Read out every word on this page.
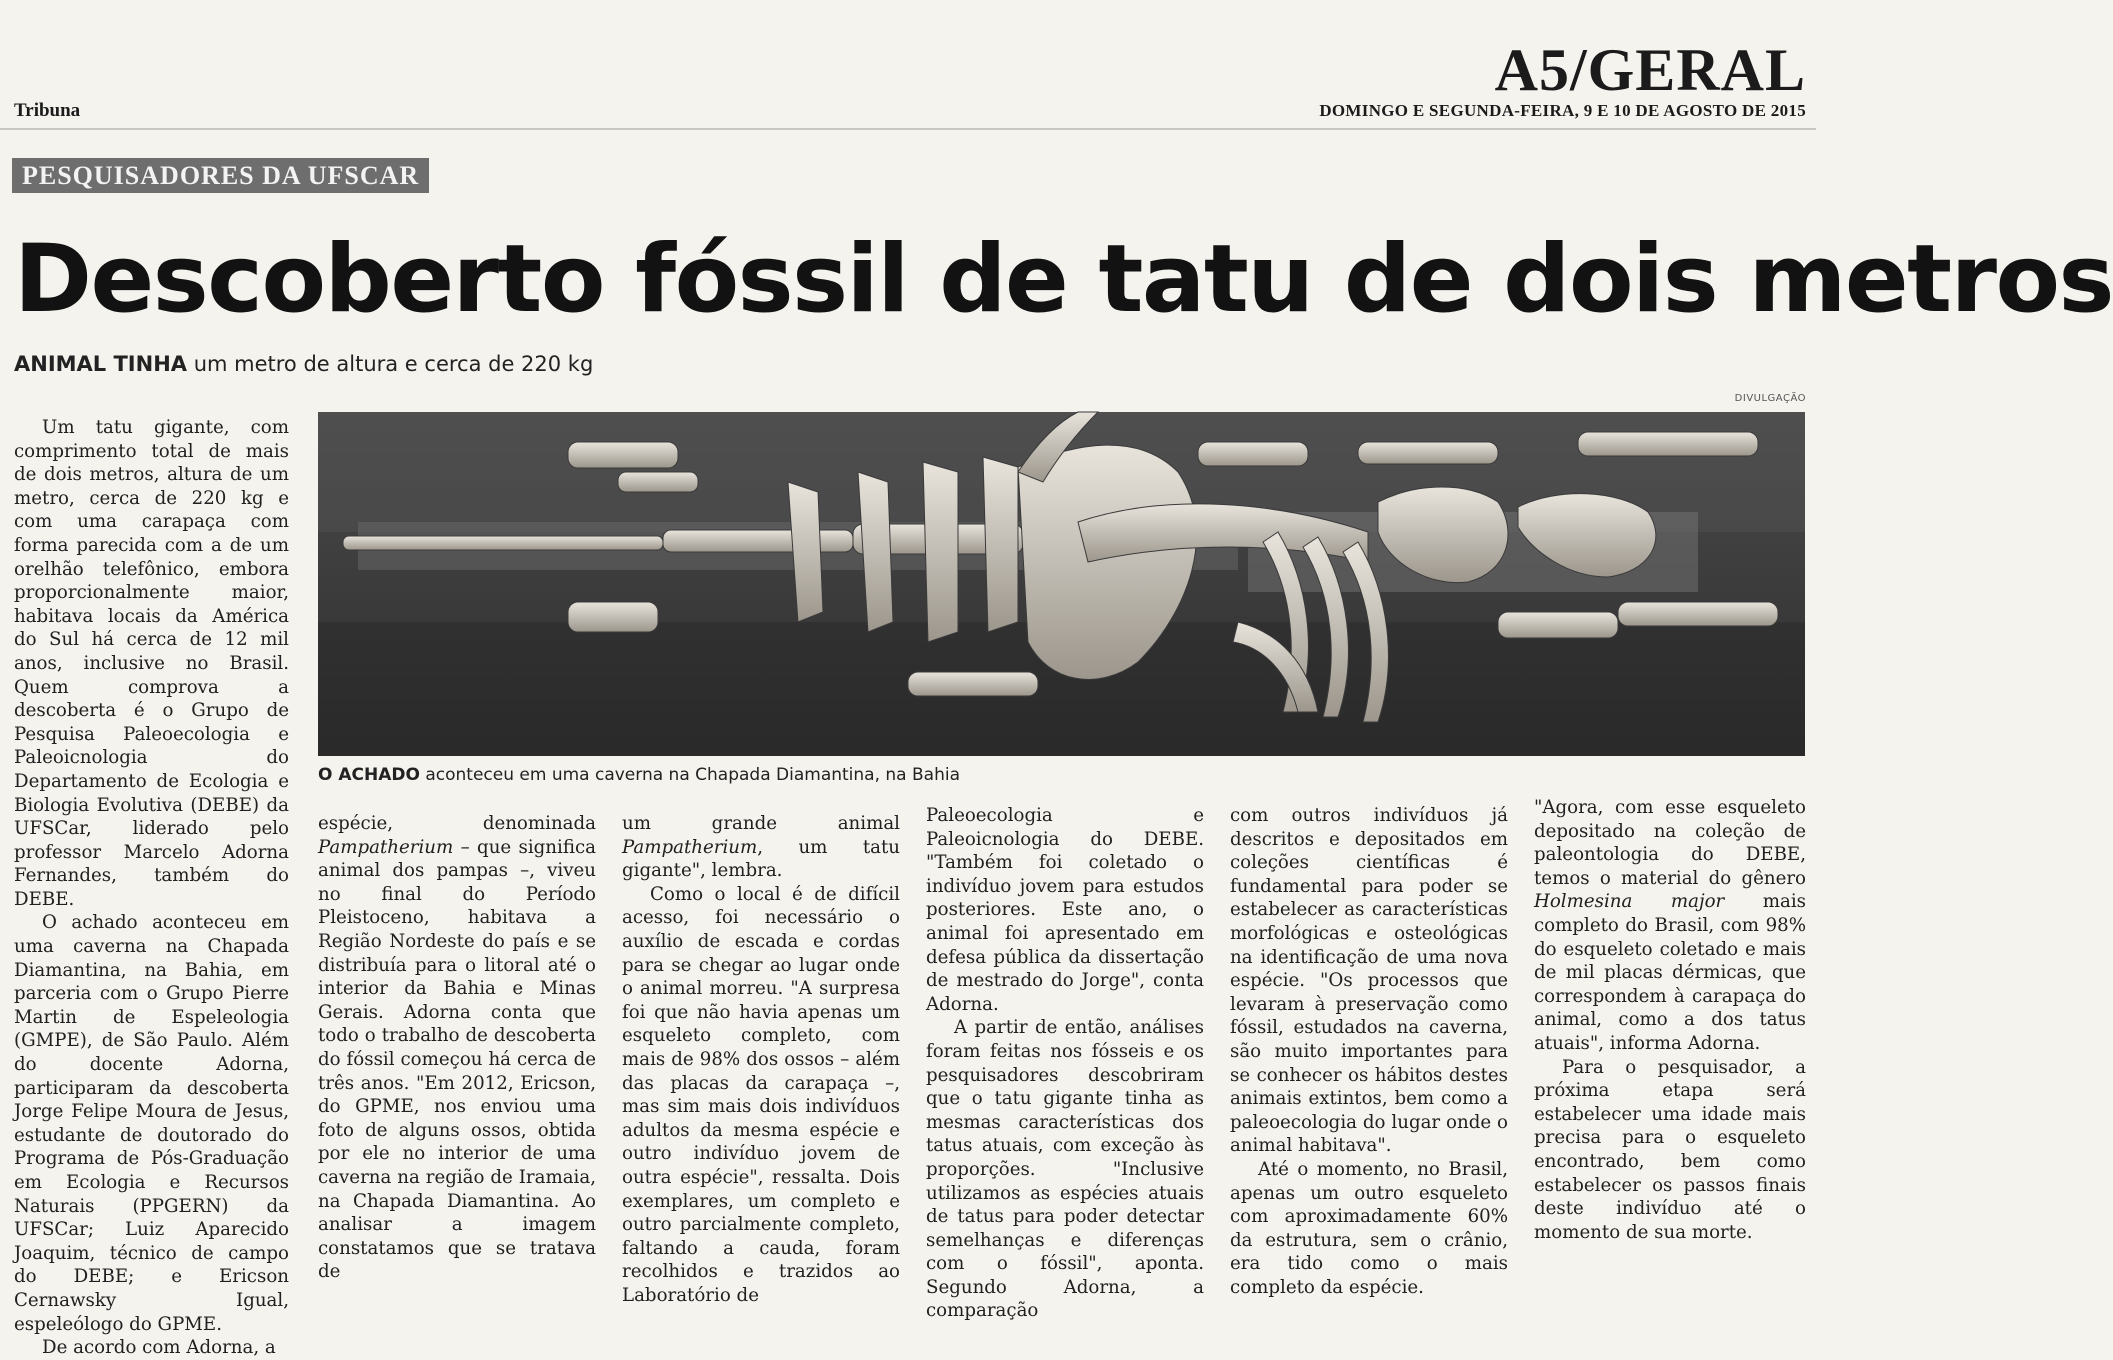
Tribuna
A5/GERAL
DOMINGO E SEGUNDA-FEIRA, 9 E 10 DE AGOSTO DE 2015
PESQUISADORES DA UFSCAR
Descoberto fóssil de tatu de dois metros
ANIMAL TINHA um metro de altura e cerca de 220 kg
DIVULGAÇÃO
O ACHADO aconteceu em uma caverna na Chapada Diamantina, na Bahia

Um tatu gigante, com comprimento total de mais de dois metros, altura de um metro, cerca de 220 kg e com uma carapaça com forma parecida com a de um orelhão telefônico, embora proporcionalmente maior, habitava locais da América do Sul há cerca de 12 mil anos, inclusive no Brasil. Quem comprova a descoberta é o Grupo de Pesquisa Paleoecologia e Paleoicnologia do Departamento de Ecologia e Biologia Evolutiva (DEBE) da UFSCar, liderado pelo professor Marcelo Adorna Fernandes, também do DEBE.

O achado aconteceu em uma caverna na Chapada Diamantina, na Bahia, em parceria com o Grupo Pierre Martin de Espeleologia (GMPE), de São Paulo. Além do docente Adorna, participaram da descoberta Jorge Felipe Moura de Jesus, estudante de doutorado do Programa de Pós-Graduação em Ecologia e Recursos Naturais (PPGERN) da UFSCar; Luiz Aparecido Joaquim, técnico de campo do DEBE; e Ericson Cernawsky Igual, espeleólogo do GPME.

De acordo com Adorna, a

espécie, denominada Pampatherium – que significa animal dos pampas –, viveu no final do Período Pleistoceno, habitava a Região Nordeste do país e se distribuía para o litoral até o interior da Bahia e Minas Gerais. Adorna conta que todo o trabalho de descoberta do fóssil começou há cerca de três anos. "Em 2012, Ericson, do GPME, nos enviou uma foto de alguns ossos, obtida por ele no interior de uma caverna na região de Iramaia, na Chapada Diamantina. Ao analisar a imagem constatamos que se tratava de

um grande animal Pampatherium, um tatu gigante", lembra.

Como o local é de difícil acesso, foi necessário o auxílio de escada e cordas para se chegar ao lugar onde o animal morreu. "A surpresa foi que não havia apenas um esqueleto completo, com mais de 98% dos ossos – além das placas da carapaça –, mas sim mais dois indivíduos adultos da mesma espécie e outro indivíduo jovem de outra espécie", ressalta. Dois exemplares, um completo e outro parcialmente completo, faltando a cauda, foram recolhidos e trazidos ao Laboratório de

Paleoecologia e Paleoicnologia do DEBE. "Também foi coletado o indivíduo jovem para estudos posteriores. Este ano, o animal foi apresentado em defesa pública da dissertação de mestrado do Jorge", conta Adorna.

A partir de então, análises foram feitas nos fósseis e os pesquisadores descobriram que o tatu gigante tinha as mesmas características dos tatus atuais, com exceção às proporções. "Inclusive utilizamos as espécies atuais de tatus para poder detectar semelhanças e diferenças com o fóssil", aponta. Segundo Adorna, a comparação

com outros indivíduos já descritos e depositados em coleções científicas é fundamental para poder se estabelecer as características morfológicas e osteológicas na identificação de uma nova espécie. "Os processos que levaram à preservação como fóssil, estudados na caverna, são muito importantes para se conhecer os hábitos destes animais extintos, bem como a paleoecologia do lugar onde o animal habitava".

Até o momento, no Brasil, apenas um outro esqueleto com aproximadamente 60% da estrutura, sem o crânio, era tido como o mais completo da espécie.

"Agora, com esse esqueleto depositado na coleção de paleontologia do DEBE, temos o material do gênero Holmesina major mais completo do Brasil, com 98% do esqueleto coletado e mais de mil placas dérmicas, que correspondem à carapaça do animal, como a dos tatus atuais", informa Adorna.

Para o pesquisador, a próxima etapa será estabelecer uma idade mais precisa para o esqueleto encontrado, bem como estabelecer os passos finais deste indivíduo até o momento de sua morte.
